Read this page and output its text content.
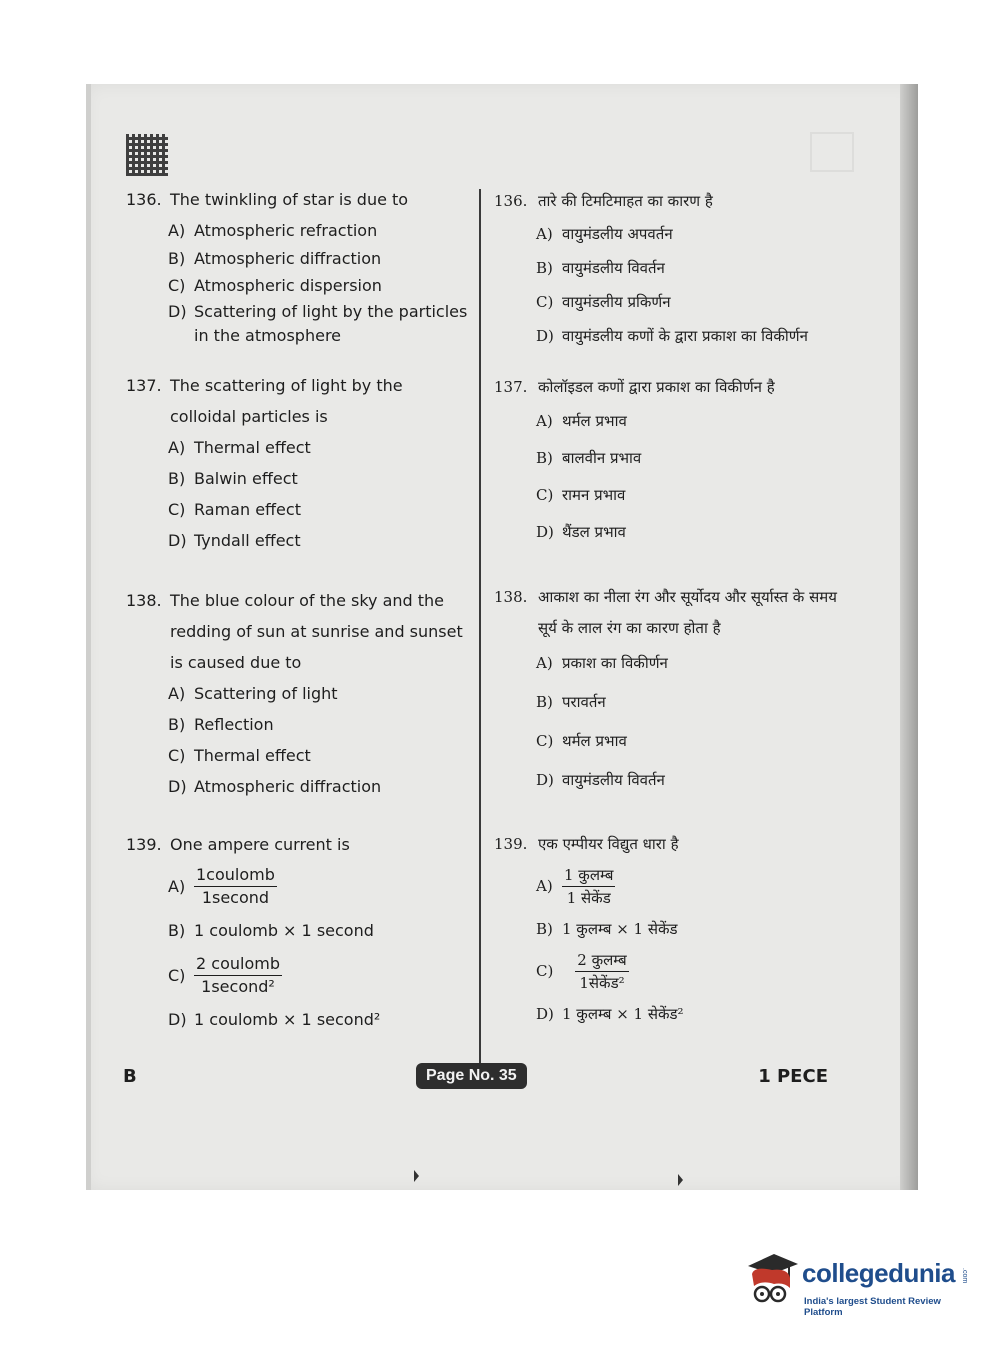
136. The twinkling of star is due to
A) Atmospheric refraction
B) Atmospheric diffraction
C) Atmospheric dispersion
D) Scattering of light by the particles in the atmosphere
137. The scattering of light by the colloidal particles is
A) Thermal effect
B) Balwin effect
C) Raman effect
D) Tyndall effect
138. The blue colour of the sky and the redding of sun at sunrise and sunset is caused due to
A) Scattering of light
B) Reflection
C) Thermal effect
D) Atmospheric diffraction
139. One ampere current is
$A) \frac{\text{1coulomb}}{\text{1second}}$
B) 1 coulomb × 1 second
$C) \frac{\text{2 coulomb}}{\text{1second²}}$
D) 1 coulomb × 1 second²
136. तारे की टिमटिमाहत का कारण है
A) वायुमंडलीय अपवर्तन
B) वायुमंडलीय विवर्तन
C) वायुमंडलीय प्रकिर्णन
D) वायुमंडलीय कणों के द्वारा प्रकाश का विकीर्णन
137. कोलॉइडल कणों द्वारा प्रकाश का विकीर्णन है
A) थर्मल प्रभाव
B) बालवीन प्रभाव
C) रामन प्रभाव
D) थैंडल प्रभाव
138. आकाश का नीला रंग और सूर्योदय और सूर्यास्त के समय सूर्य के लाल रंग का कारण होता है
A) प्रकाश का विकीर्णन
B) परावर्तन
C) थर्मल प्रभाव
D) वायुमंडलीय विवर्तन
139. एक एम्पीयर विद्युत धारा है
$A) \frac{\text{1 कुलम्ब}}{\text{1 सेकेंड}}$
B) 1 कुलम्ब × 1 सेकेंड
$C) \frac{\text{2 कुलम्ब}}{\text{1सेकेंड²}}$
D) 1 कुलम्ब × 1 सेकेंड²
B	Page No. 35	1 PECE
collegedunia .com
India's largest Student Review Platform
